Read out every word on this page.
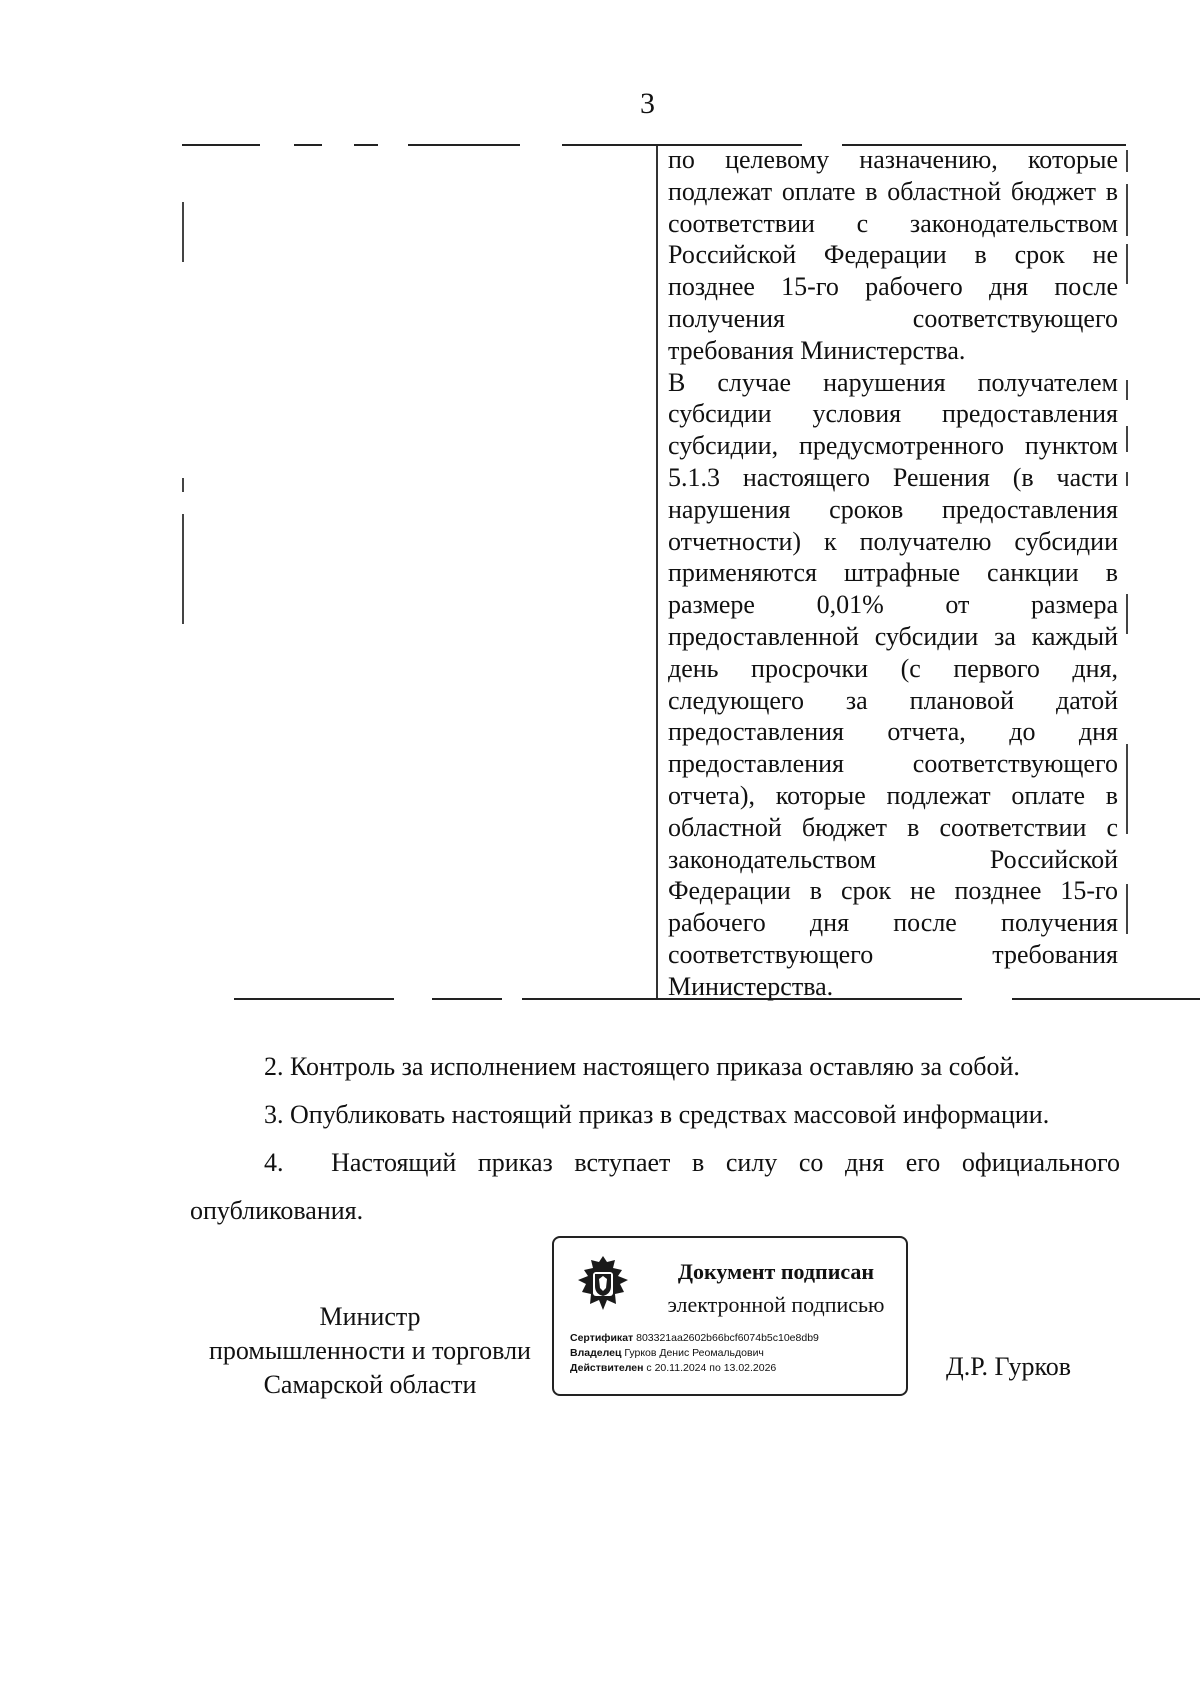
3

по целевому назначению, которые подлежат оплате в областной бюджет в соответствии с законодательством Российской Федерации в срок не позднее 15-го рабочего дня после получения соответствующего требования Министерства.

В случае нарушения получателем субсидии условия предоставления субсидии, предусмотренного пунктом 5.1.3 настоящего Решения (в части нарушения сроков предоставления отчетности) к получателю субсидии применяются штрафные санкции в размере 0,01% от размера предоставленной субсидии за каждый день просрочки (с первого дня, следующего за плановой датой предоставления отчета, до дня предоставления соответствующего отчета), которые подлежат оплате в областной бюджет в соответствии с законодательством Российской Федерации в срок не позднее 15-го рабочего дня после получения соответствующего требования Министерства.

2. Контроль за исполнением настоящего приказа оставляю за собой.

3. Опубликовать настоящий приказ в средствах массовой информации.

4.  Настоящий приказ вступает в силу со дня его официального опубликования.

Министр
промышленности и торговли
Самарской области
Документ подписан
электронной подписью
Сертификат 803321aa2602b66bcf6074b5c10e8db9
Владелец Гурков Денис Реомальдович
Действителен с 20.11.2024 по 13.02.2026	Д.Р. Гурков
